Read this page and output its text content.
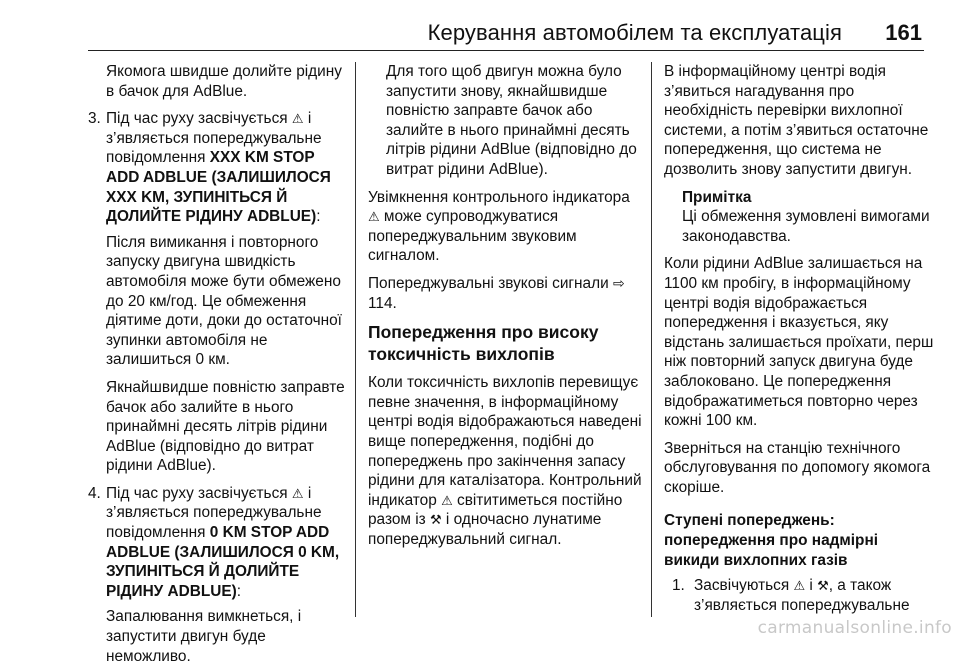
Керування автомобілем та експлуатація 161

Якомога швидше долийте рідину в бачок для AdBlue.

3. Під час руху засвічується ⚠ і з’являється попереджувальне повідомлення XXX KM STOP ADD ADBLUE (ЗАЛИШИЛОСЯ XXX KM, ЗУПИНІТЬСЯ Й ДОЛИЙТЕ РІДИНУ ADBLUE):

Після вимикання і повторного запуску двигуна швидкість автомобіля може бути обмежено до 20 км/год. Це обмеження діятиме доти, доки до остаточної зупинки автомобіля не залишиться 0 км.

Якнайшвидше повністю заправте бачок або залийте в нього принаймні десять літрів рідини AdBlue (відповідно до витрат рідини AdBlue).

4. Під час руху засвічується ⚠ і з’являється попереджувальне повідомлення 0 KM STOP ADD ADBLUE (ЗАЛИШИЛОСЯ 0 KM, ЗУПИНІТЬСЯ Й ДОЛИЙТЕ РІДИНУ ADBLUE):

Запалювання вимкнеться, і запустити двигун буде неможливо.

Для того щоб двигун можна було запустити знову, якнайшвидше повністю заправте бачок або залийте в нього принаймні десять літрів рідини AdBlue (відповідно до витрат рідини AdBlue).

Увімкнення контрольного індикатора ⚠ може супроводжуватися попереджувальним звуковим сигналом.

Попереджувальні звукові сигнали ⇨ 114.

Попередження про високу токсичність вихлопів

Коли токсичність вихлопів перевищує певне значення, в інформаційному центрі водія відображаються наведені вище попередження, подібні до попереджень про закінчення запасу рідини для каталізатора. Контрольний індикатор ⚠ світитиметься постійно разом із ⚒ і одночасно лунатиме попереджувальний сигнал.

В інформаційному центрі водія з’явиться нагадування про необхідність перевірки вихлопної системи, а потім з’явиться остаточне попередження, що система не дозволить знову запустити двигун.

Примітка

Ці обмеження зумовлені вимогами законодавства.

Коли рідини AdBlue залишається на 1100 км пробігу, в інформаційному центрі водія відображається попередження і вказується, яку відстань залишається проїхати, перш ніж повторний запуск двигуна буде заблоковано. Це попередження відображатиметься повторно через кожні 100 км.

Зверніться на станцію технічного обслуговування по допомогу якомога скоріше.

Ступені попереджень: попередження про надмірні викиди вихлопних газів

1. Засвічуються ⚠ і ⚒, а також з’являється попереджувальне
carmanualsonline.info
